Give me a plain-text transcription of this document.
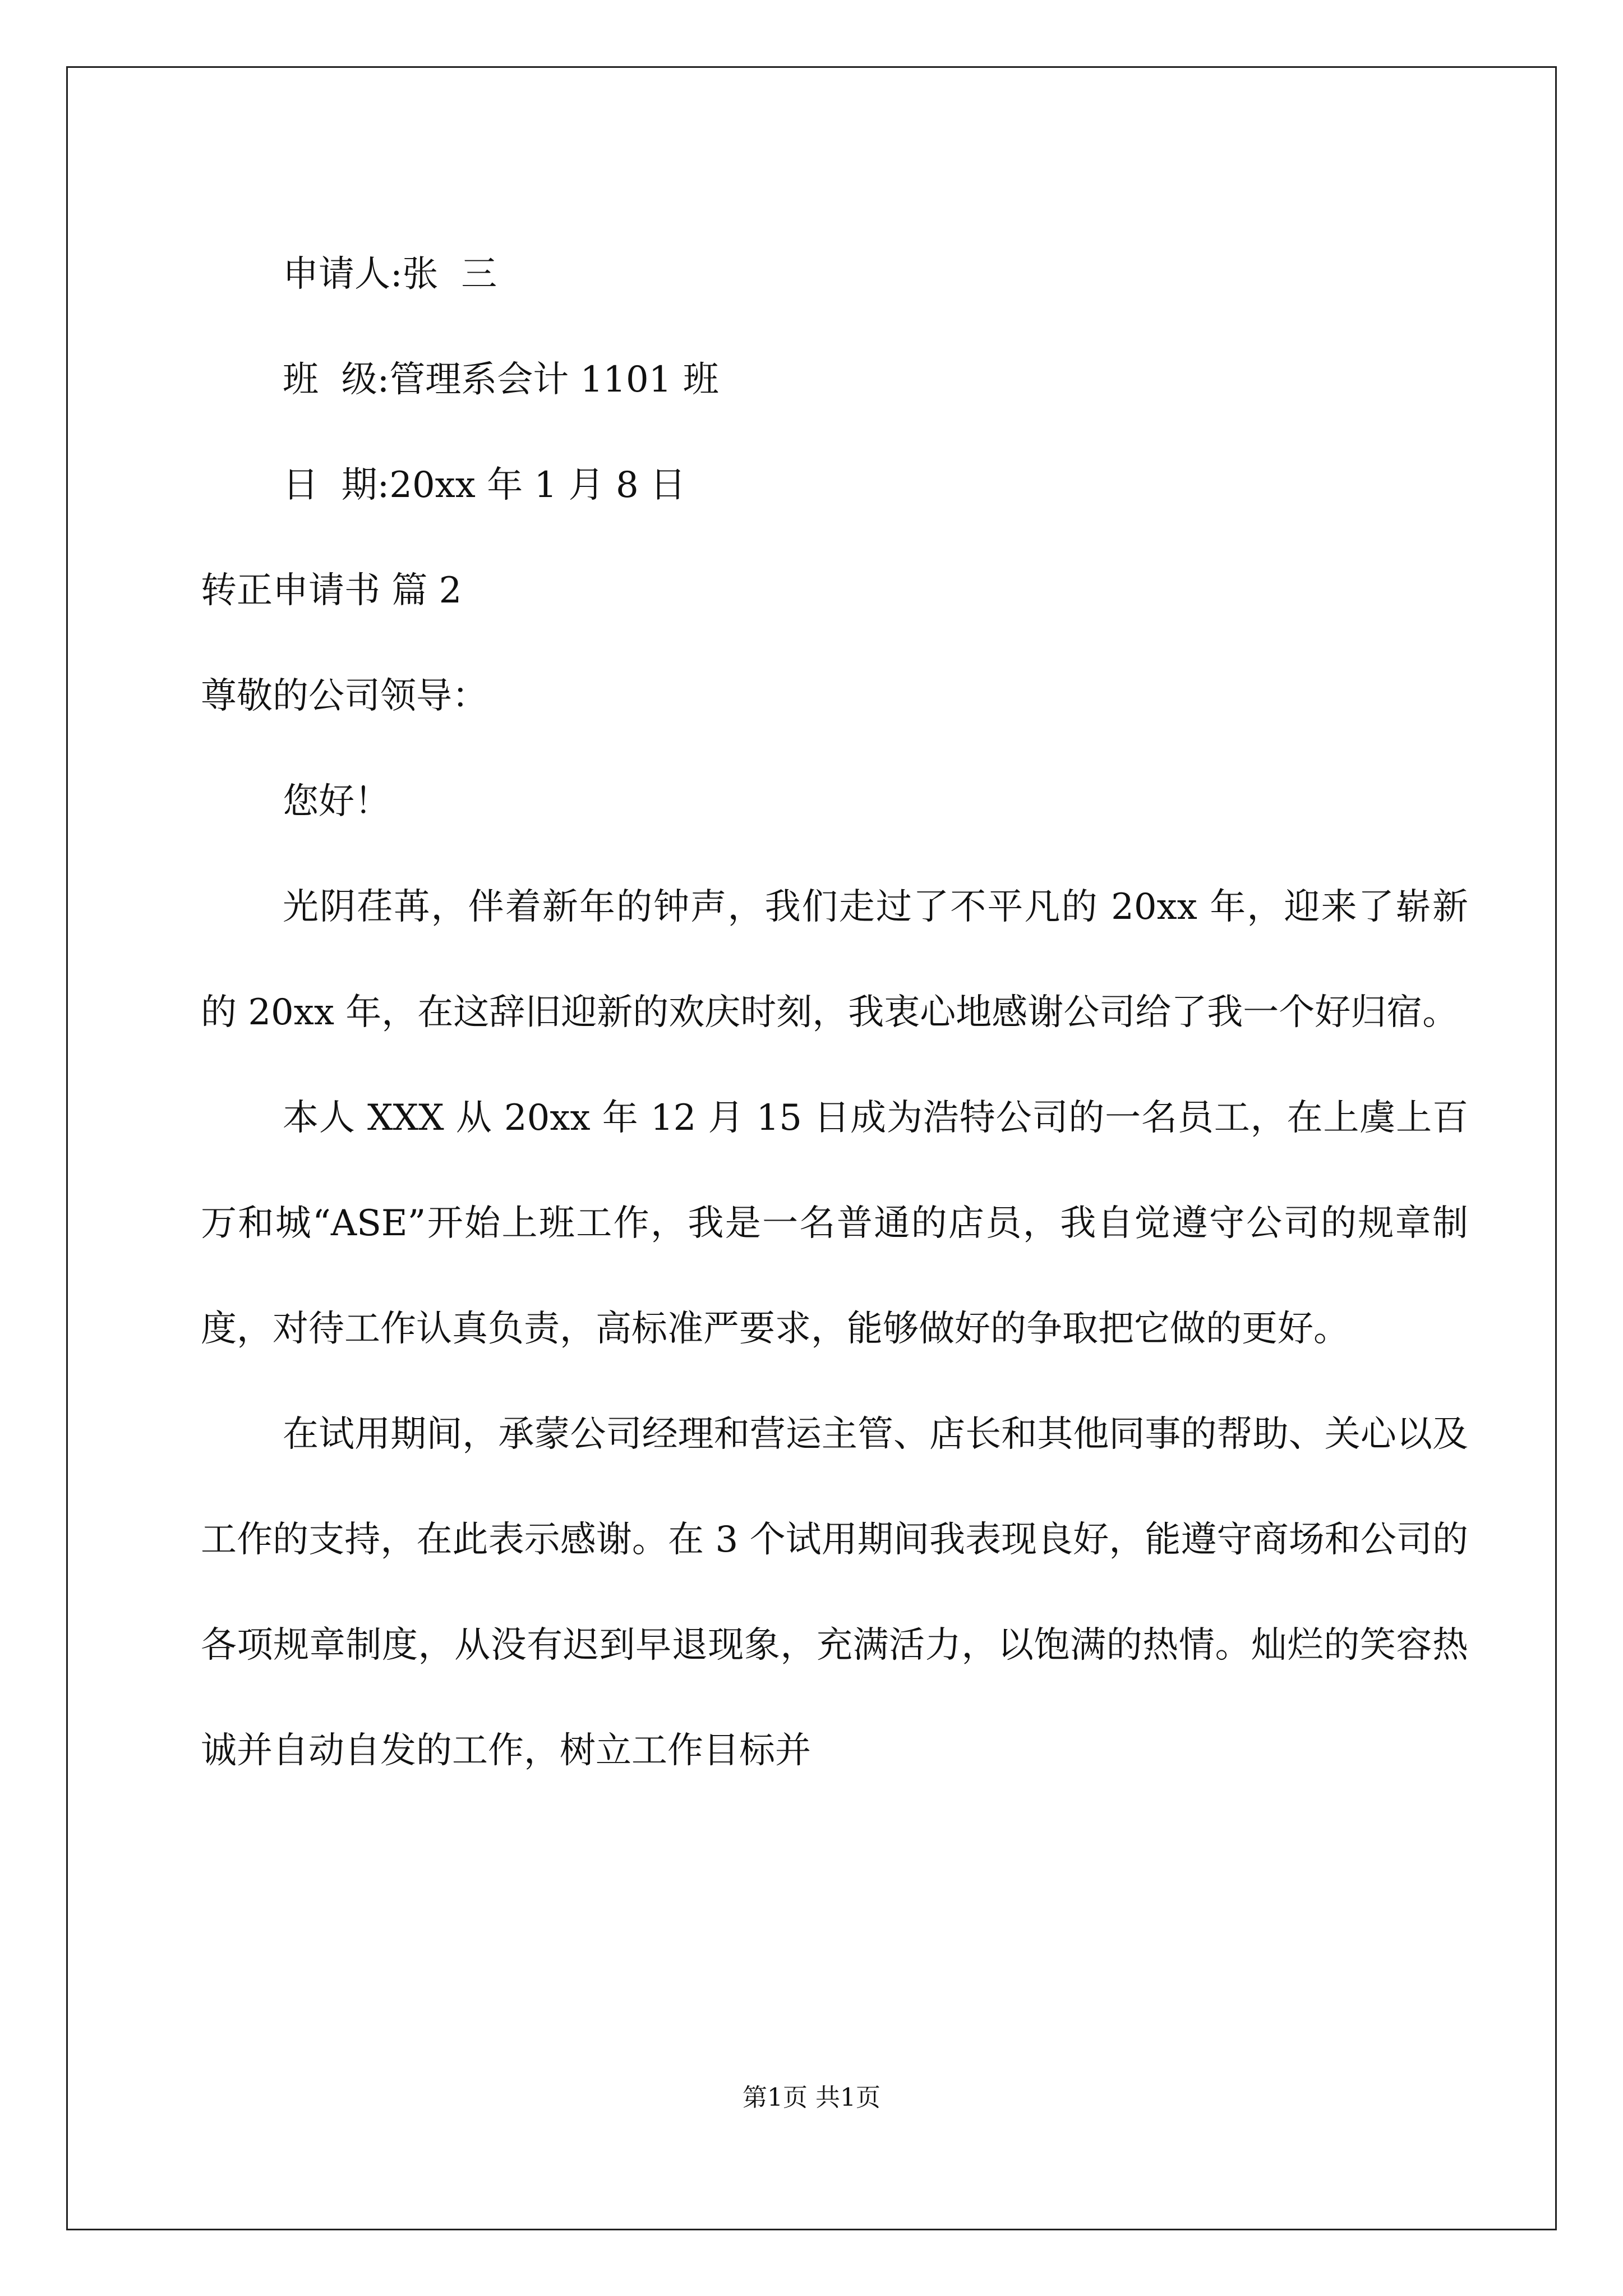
申请人:张  三

班  级:管理系会计 1101 班

日  期:20xx 年 1 月 8 日

转正申请书 篇 2

尊敬的公司领导：

您好！

光阴荏苒，伴着新年的钟声，我们走过了不平凡的 20xx 年，迎来了崭新的 20xx 年，在这辞旧迎新的欢庆时刻，我衷心地感谢公司给了我一个好归宿。

本人 XXX 从 20xx 年 12 月 15 日成为浩特公司的一名员工，在上虞上百万和城“ASE”开始上班工作，我是一名普通的店员，我自觉遵守公司的规章制度，对待工作认真负责，高标准严要求，能够做好的争取把它做的更好。

在试用期间，承蒙公司经理和营运主管、店长和其他同事的帮助、关心以及工作的支持，在此表示感谢。在 3 个试用期间我表现良好，能遵守商场和公司的各项规章制度，从没有迟到早退现象，充满活力，以饱满的热情。灿烂的笑容热诚并自动自发的工作，树立工作目标并

第1页 共1页
